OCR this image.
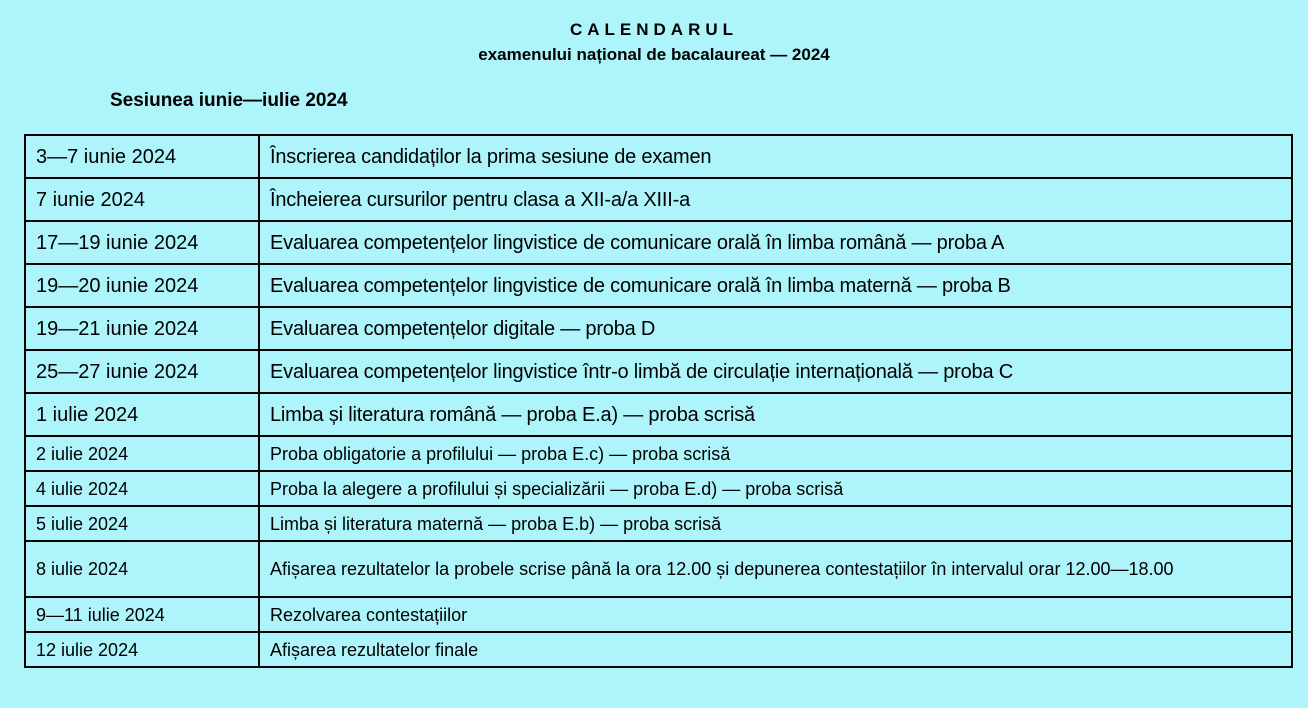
CALENDARUL
examenului național de bacalaureat — 2024
Sesiunea iunie—iulie 2024
3—7 iunie 2024	Înscrierea candidaților la prima sesiune de examen
7 iunie 2024	Încheierea cursurilor pentru clasa a XII-a/a XIII-a
17—19 iunie 2024	Evaluarea competențelor lingvistice de comunicare orală în limba română — proba A
19—20 iunie 2024	Evaluarea competențelor lingvistice de comunicare orală în limba maternă — proba B
19—21 iunie 2024	Evaluarea competențelor digitale — proba D
25—27 iunie 2024	Evaluarea competențelor lingvistice într-o limbă de circulație internațională — proba C
1 iulie 2024	Limba și literatura română — proba E.a) — proba scrisă
2 iulie 2024	Proba obligatorie a profilului — proba E.c) — proba scrisă
4 iulie 2024	Proba la alegere a profilului și specializării — proba E.d) — proba scrisă
5 iulie 2024	Limba și literatura maternă — proba E.b) — proba scrisă
8 iulie 2024	Afișarea rezultatelor la probele scrise până la ora 12.00 și depunerea contestațiilor în intervalul orar 12.00—18.00
9—11 iulie 2024	Rezolvarea contestațiilor
12 iulie 2024	Afișarea rezultatelor finale
